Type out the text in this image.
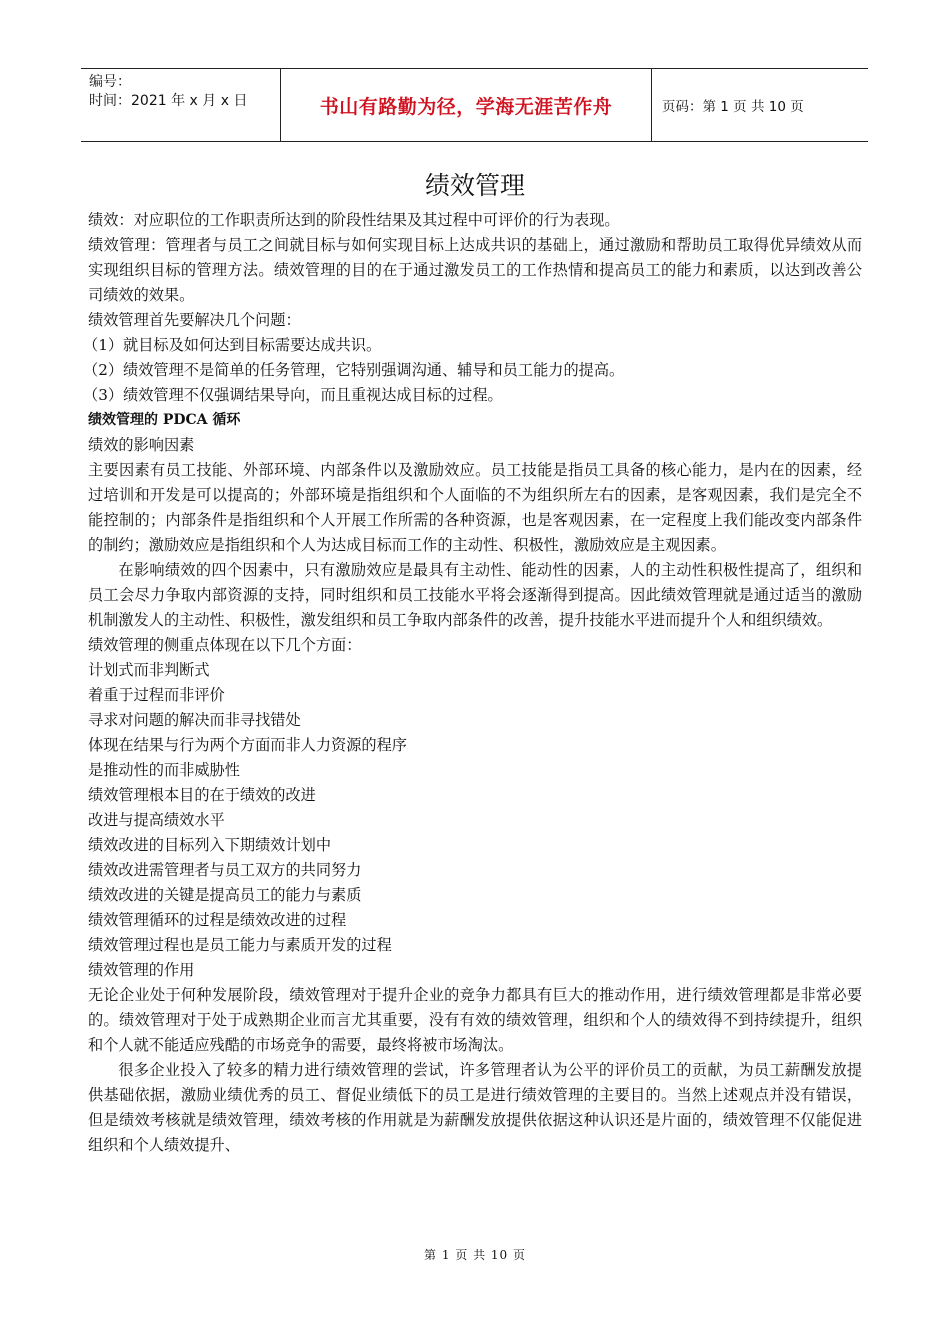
编号：
时间：2021 年 x 月 x 日	书山有路勤为径，学海无涯苦作舟	页码：第 1 页 共 10 页
绩效管理

绩效：对应职位的工作职责所达到的阶段性结果及其过程中可评价的行为表现。

绩效管理：管理者与员工之间就目标与如何实现目标上达成共识的基础上，通过激励和帮助员工取得优异绩效从而实现组织目标的管理方法。绩效管理的目的在于通过激发员工的工作热情和提高员工的能力和素质，以达到改善公司绩效的效果。

绩效管理首先要解决几个问题：

（1）就目标及如何达到目标需要达成共识。

（2）绩效管理不是简单的任务管理，它特别强调沟通、辅导和员工能力的提高。

（3）绩效管理不仅强调结果导向，而且重视达成目标的过程。

绩效管理的 PDCA 循环

绩效的影响因素

主要因素有员工技能、外部环境、内部条件以及激励效应。员工技能是指员工具备的核心能力，是内在的因素，经过培训和开发是可以提高的；外部环境是指组织和个人面临的不为组织所左右的因素，是客观因素，我们是完全不能控制的；内部条件是指组织和个人开展工作所需的各种资源，也是客观因素，在一定程度上我们能改变内部条件的制约；激励效应是指组织和个人为达成目标而工作的主动性、积极性，激励效应是主观因素。

在影响绩效的四个因素中，只有激励效应是最具有主动性、能动性的因素，人的主动性积极性提高了，组织和员工会尽力争取内部资源的支持，同时组织和员工技能水平将会逐渐得到提高。因此绩效管理就是通过适当的激励机制激发人的主动性、积极性，激发组织和员工争取内部条件的改善，提升技能水平进而提升个人和组织绩效。

绩效管理的侧重点体现在以下几个方面：

计划式而非判断式

着重于过程而非评价

寻求对问题的解决而非寻找错处

体现在结果与行为两个方面而非人力资源的程序

是推动性的而非威胁性

绩效管理根本目的在于绩效的改进

改进与提高绩效水平

绩效改进的目标列入下期绩效计划中

绩效改进需管理者与员工双方的共同努力

绩效改进的关键是提高员工的能力与素质

绩效管理循环的过程是绩效改进的过程

绩效管理过程也是员工能力与素质开发的过程

绩效管理的作用

无论企业处于何种发展阶段，绩效管理对于提升企业的竞争力都具有巨大的推动作用，进行绩效管理都是非常必要的。绩效管理对于处于成熟期企业而言尤其重要，没有有效的绩效管理，组织和个人的绩效得不到持续提升，组织和个人就不能适应残酷的市场竞争的需要，最终将被市场淘汰。

很多企业投入了较多的精力进行绩效管理的尝试，许多管理者认为公平的评价员工的贡献，为员工薪酬发放提供基础依据，激励业绩优秀的员工、督促业绩低下的员工是进行绩效管理的主要目的。当然上述观点并没有错误，但是绩效考核就是绩效管理，绩效考核的作用就是为薪酬发放提供依据这种认识还是片面的，绩效管理不仅能促进组织和个人绩效提升、

第 1 页 共 10 页
